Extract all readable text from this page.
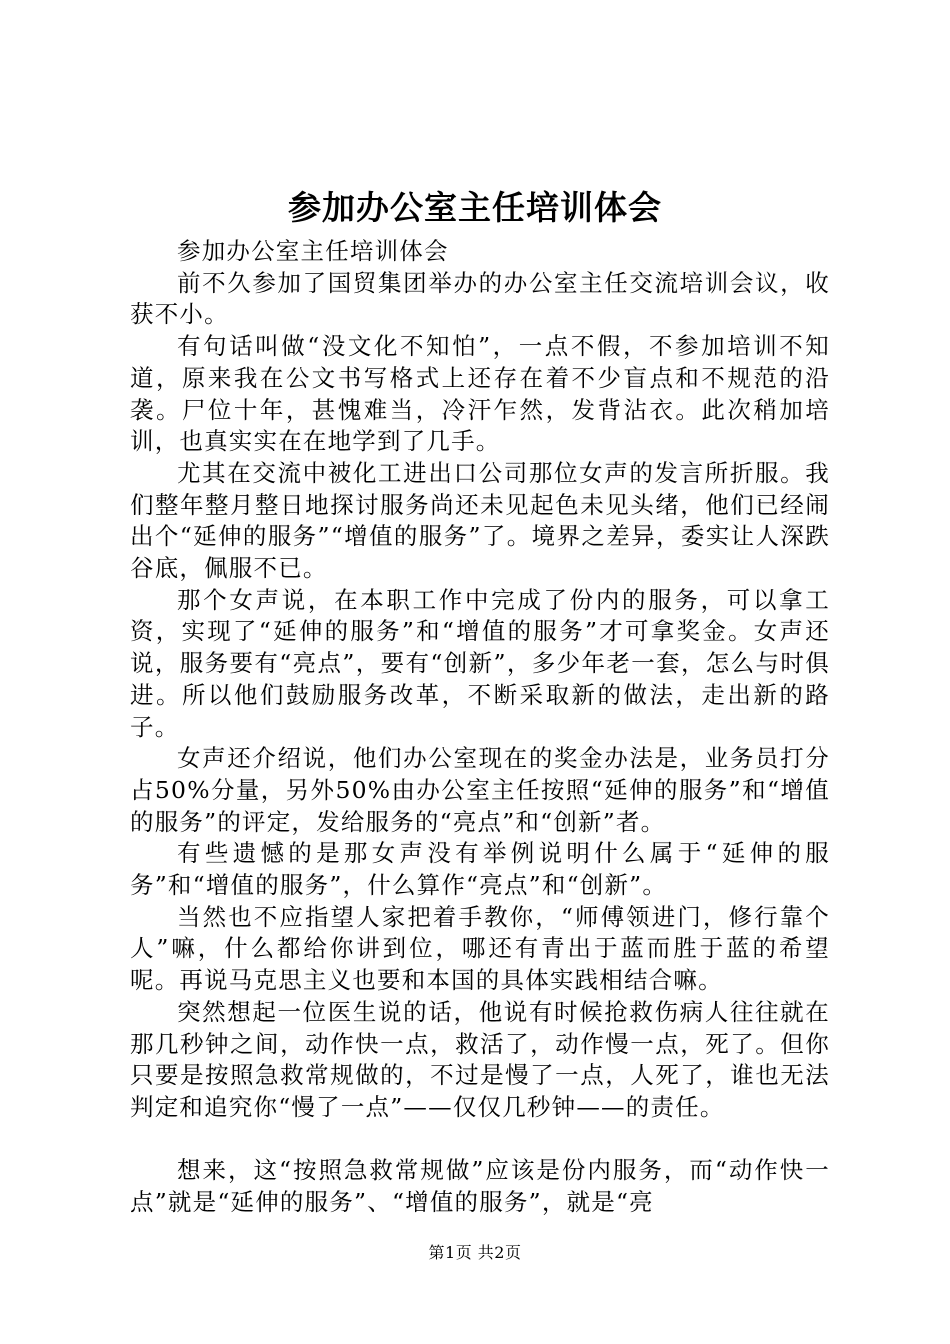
参加办公室主任培训体会

参加办公室主任培训体会

前不久参加了国贸集团举办的办公室主任交流培训会议，收获不小。

有句话叫做“没文化不知怕”，一点不假，不参加培训不知道，原来我在公文书写格式上还存在着不少盲点和不规范的沿袭。尸位十年，甚愧难当，冷汗乍然，发背沾衣。此次稍加培训，也真实实在在地学到了几手。

尤其在交流中被化工进出口公司那位女声的发言所折服。我们整年整月整日地探讨服务尚还未见起色未见头绪，他们已经闹出个“延伸的服务”“增值的服务”了。境界之差异，委实让人深跌谷底，佩服不已。

那个女声说，在本职工作中完成了份内的服务，可以拿工资，实现了“延伸的服务”和“增值的服务”才可拿奖金。女声还说，服务要有“亮点”，要有“创新”，多少年老一套，怎么与时俱进。所以他们鼓励服务改革，不断采取新的做法，走出新的路子。

女声还介绍说，他们办公室现在的奖金办法是，业务员打分占50%分量，另外50%由办公室主任按照“延伸的服务”和“增值的服务”的评定，发给服务的“亮点”和“创新”者。

有些遗憾的是那女声没有举例说明什么属于“延伸的服务”和“增值的服务”，什么算作“亮点”和“创新”。

当然也不应指望人家把着手教你，“师傅领进门，修行靠个人”嘛，什么都给你讲到位，哪还有青出于蓝而胜于蓝的希望呢。再说马克思主义也要和本国的具体实践相结合嘛。

突然想起一位医生说的话，他说有时候抢救伤病人往往就在那几秒钟之间，动作快一点，救活了，动作慢一点，死了。但你只要是按照急救常规做的，不过是慢了一点，人死了，谁也无法判定和追究你“慢了一点”——仅仅几秒钟——的责任。

想来，这“按照急救常规做”应该是份内服务，而“动作快一点”就是“延伸的服务”、“增值的服务”，就是“亮

第1页 共2页
